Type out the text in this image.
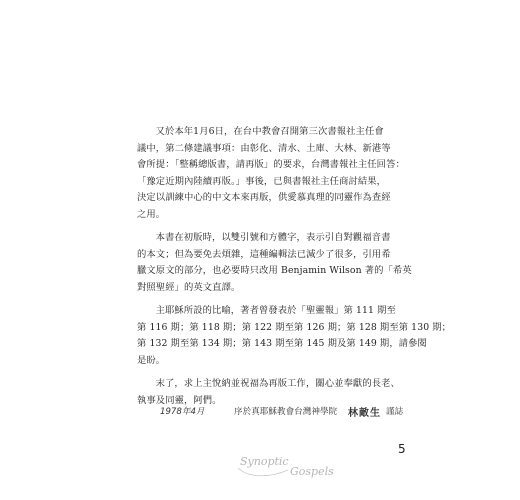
又於本年1月6日，在台中教會召開第三次書報社主任會
議中，第二條建議事項：由彰化、清水、土庫、大林、新港等
會所提：「整稱總版書，請再版」的要求，台灣書報社主任回答：
「豫定近期內陸續再版。」事後，已與書報社主任商討結果，
決定以訓練中心的中文本來再版，供愛慕真理的同靈作為查經
之用。

本書在初版時，以雙引號和方體字，表示引自對觀福音書
的本文；但為要免去煩雜，這種編輯法已減少了很多，引用希
臘文原文的部分，也必要時只改用 Benjamin Wilson 著的「希英
對照聖經」的英文直譯。

主耶穌所設的比喻，著者曾發表於「聖靈報」第 111 期至
第 116 期；第 118 期；第 122 期至第 126 期；第 128 期至第 130 期；
第 132 期至第 134 期；第 143 期至第 145 期及第 149 期，請參閱
是盼。

末了，求上主悅納並祝福為再版工作，關心並奉獻的長老、
執事及同靈，阿們。

1978年4月	序於真耶穌教會台灣神學院 林敵生 謹誌
Synoptic
Gospels
5
